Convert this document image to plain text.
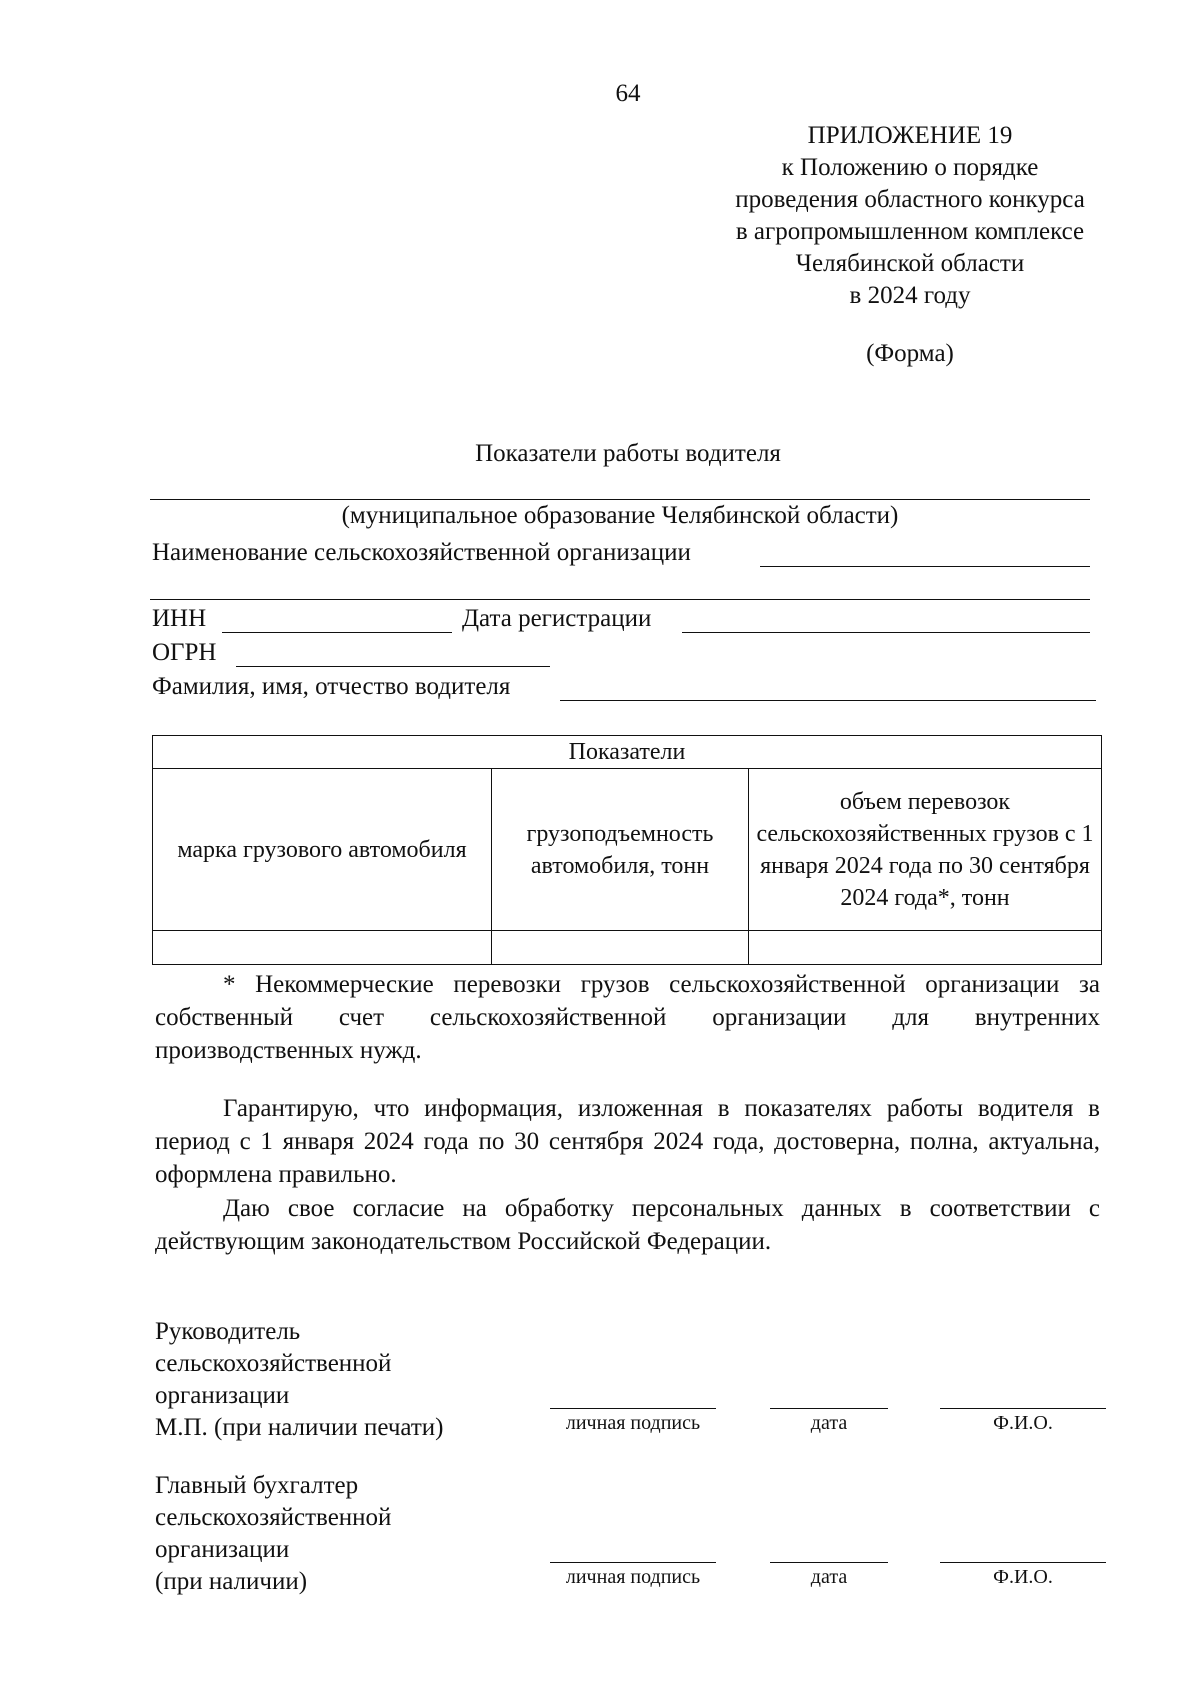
64
ПРИЛОЖЕНИЕ 19
к Положению о порядке
проведения областного конкурса
в агропромышленном комплексе
Челябинской области
в 2024 году
(Форма)
Показатели работы водителя
(муниципальное образование Челябинской области)
Наименование сельскохозяйственной организации
ИНН	Дата регистрации
ОГРН
Фамилия, имя, отчество водителя
Показатели		
марка грузового автомобиля	грузоподъемность автомобиля, тонн	объем перевозок сельскохозяйственных грузов с 1 января 2024 года по 30 сентября 2024 года*, тонн

* Некоммерческие перевозки грузов сельскохозяйственной организации за собственный счет сельскохозяйственной организации для внутренних производственных нужд.
Гарантирую, что информация, изложенная в показателях работы водителя в период с 1 января 2024 года по 30 сентября 2024 года, достоверна, полна, актуальна, оформлена правильно.
Даю свое согласие на обработку персональных данных в соответствии с действующим законодательством Российской Федерации.
Руководитель
сельскохозяйственной
организации
М.П. (при наличии печати)	личная подпись	дата	Ф.И.О.
Главный бухгалтер
сельскохозяйственной
организации
(при наличии)	личная подпись	дата	Ф.И.О.
